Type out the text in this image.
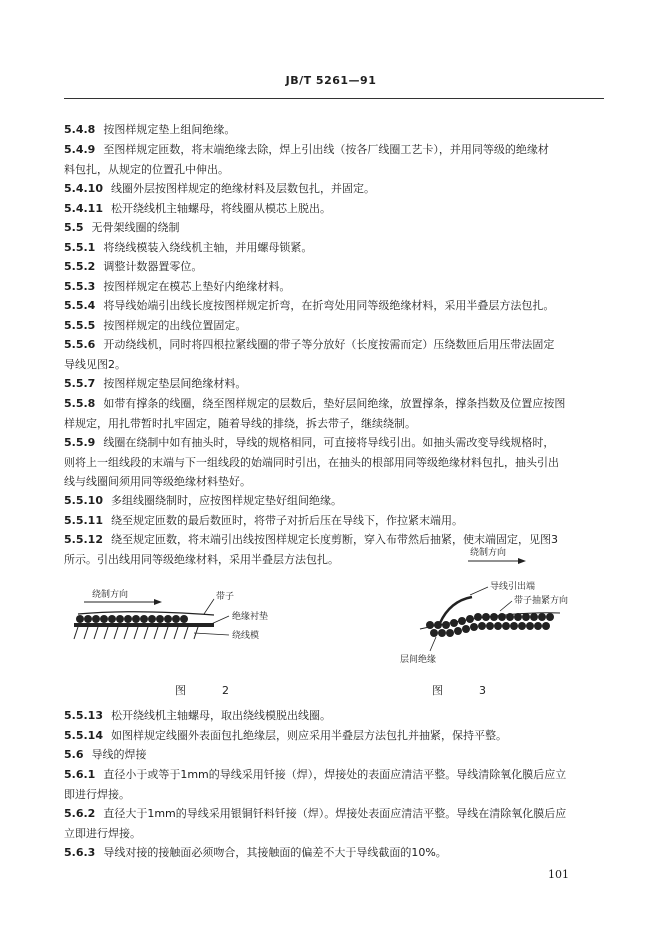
JB/T 5261—91
5.4.8 按图样规定垫上组间绝缘。
5.4.9 至图样规定匝数，将末端绝缘去除，焊上引出线（按各厂线圈工艺卡），并用同等级的绝缘材
料包扎，从规定的位置孔中伸出。
5.4.10 线圈外层按图样规定的绝缘材料及层数包扎，并固定。
5.4.11 松开绕线机主轴螺母，将线圈从模芯上脱出。
5.5 无骨架线圈的绕制
5.5.1 将绕线模装入绕线机主轴，并用螺母锁紧。
5.5.2 调整计数器置零位。
5.5.3 按图样规定在模芯上垫好内绝缘材料。
5.5.4 将导线始端引出线长度按图样规定折弯，在折弯处用同等级绝缘材料，采用半叠层方法包扎。
5.5.5 按图样规定的出线位置固定。
5.5.6 开动绕线机，同时将四根拉紧线圈的带子等分放好（长度按需而定）压绕数匝后用压带法固定
导线见图2。
5.5.7 按图样规定垫层间绝缘材料。
5.5.8 如带有撑条的线圈，绕至图样规定的层数后，垫好层间绝缘，放置撑条，撑条挡数及位置应按图
样规定，用扎带暂时扎牢固定，随着导线的排绕，拆去带子，继续绕制。
5.5.9 线圈在绕制中如有抽头时，导线的规格相同，可直接将导线引出。如抽头需改变导线规格时，
则将上一组线段的末端与下一组线段的始端同时引出，在抽头的根部用同等级绝缘材料包扎，抽头引出
线与线圈间须用同等级绝缘材料垫好。
5.5.10 多组线圈绕制时，应按图样规定垫好组间绝缘。
5.5.11 绕至规定匝数的最后数匝时，将带子对折后压在导线下，作拉紧末端用。
5.5.12 绕至规定匝数，将末端引出线按图样规定长度剪断，穿入布带然后抽紧，使末端固定，见图3
所示。引出线用同等级绝缘材料，采用半叠层方法包扎。
绕制方向	带子
绝缘衬垫
绕线模
图	2
绕制方向
导线引出端
带子抽紧方向
层间绝缘
图	3
5.5.13 松开绕线机主轴螺母，取出绕线模脱出线圈。
5.5.14 如图样规定线圈外表面包扎绝缘层，则应采用半叠层方法包扎并抽紧，保持平整。
5.6 导线的焊接
5.6.1 直径小于或等于1mm的导线采用钎接（焊），焊接处的表面应清洁平整。导线清除氧化膜后应立
即进行焊接。
5.6.2 直径大于1mm的导线采用银铜钎料钎接（焊）。焊接处表面应清洁平整。导线在清除氧化膜后应
立即进行焊接。
5.6.3 导线对接的接触面必须吻合，其接触面的偏差不大于导线截面的10%。
101
